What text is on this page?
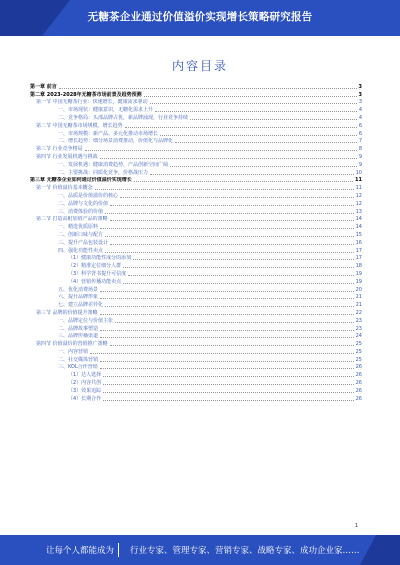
无糖茶企业通过价值溢价实现增长策略研究报告
内容目录
第一章 前言	3
第二章 2023-2028年无糖茶市场前景及趋势预测	3
第一节 中国无糖茶行业：快速增长，健康需求驱动	3
一、市场现状：健康意识，无糖化需求上升	4
二、竞争格局：头部品牌占优，新品牌涌现，行业竞争持续	4
第二节 中国无糖茶市场规模、增长趋势	6
一、市场规模：新产品、多元化推动市场增长	6
二、增长趋势：细分场景消费推动，价值化与品牌化	7
第三节 行业竞争格局	8
第四节 行业发展机遇与挑战	9
一、发展机遇：健康消费趋势，产品创新空间广阔	9
二、主要挑战：同质化竞争，价格战压力	10
第三章 无糖茶企业如何通过价值溢价实现增长	11
第一节 价值溢价基本概念	11
一、品质是价值溢价的核心	12
二、品牌与文化的价值	12
三、消费体验的价值	13
第二节 打造高附加值产品的策略	14
一、精选优质原料	14
二、创新口味与配方	15
三、提升产品包装设计	16
四、强化功能性卖点	17
（1）健康功能性成分的添加	17
（2）精准定位细分人群	18
（3）科学背书提升可信度	19
（4）营销传播功能卖点	19
五、优化消费场景	20
六、提升品牌形象	21
七、建立品牌差异化	21
第三节 品牌的价值提升策略	22
一、品牌定位与价值主张	23
二、品牌故事塑造	23
三、品牌传播渠道	24
第四节 价值溢价的营销推广策略	25
一、内容营销	25
二、社交媒体营销	25
三、KOL合作营销	26
（1）达人选择	26
（2）内容共创	26
（3）效果追踪	26
（4）长期合作	26
1
让每个人都能成为 行业专家、管理专家、营销专家、战略专家、成功企业家……
